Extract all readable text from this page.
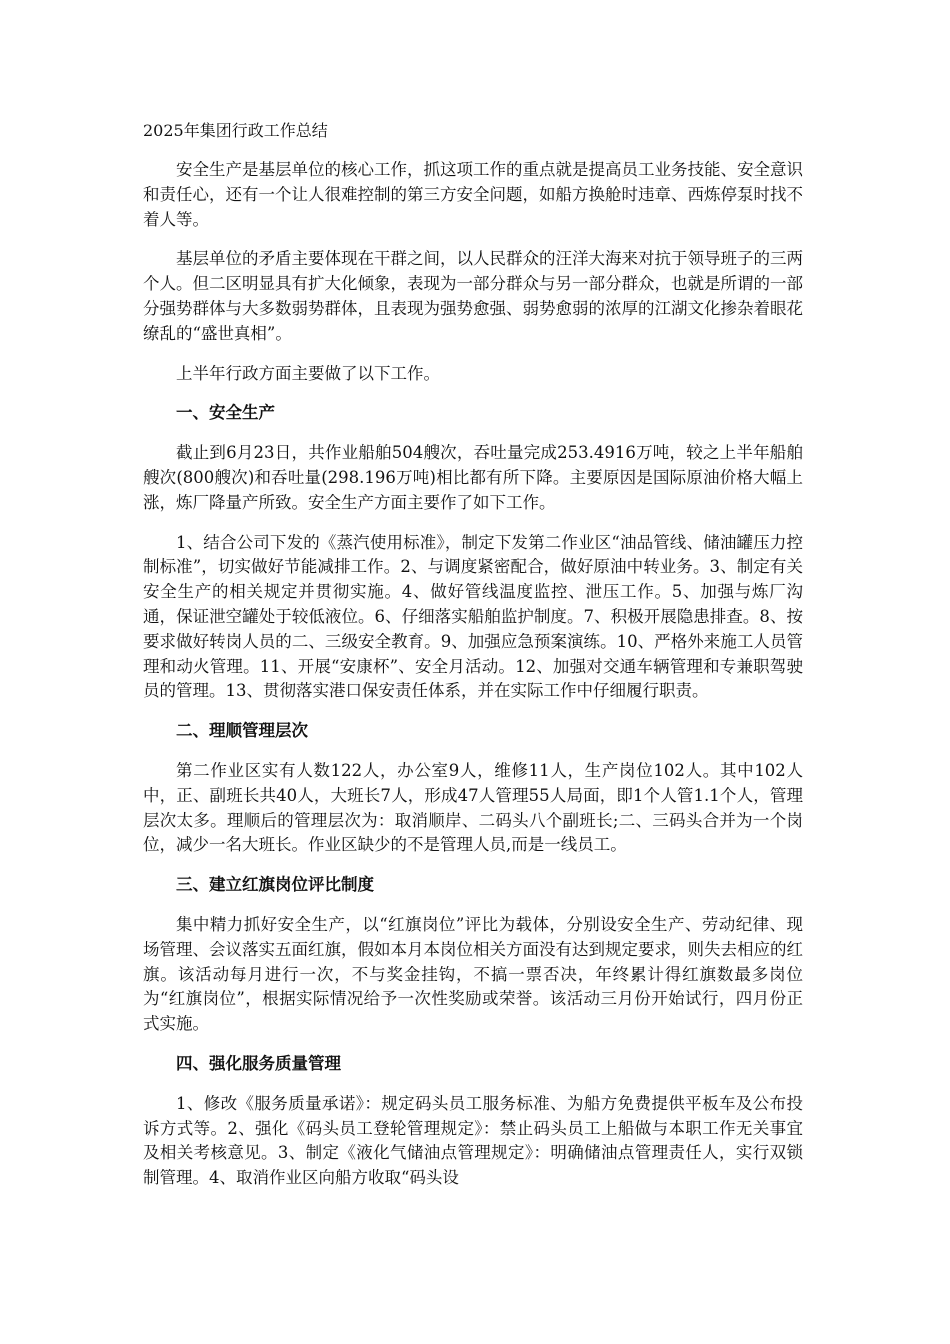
2025年集团行政工作总结

安全生产是基层单位的核心工作，抓这项工作的重点就是提高员工业务技能、安全意识和责任心，还有一个让人很难控制的第三方安全问题，如船方换舱时违章、西炼停泵时找不着人等。

基层单位的矛盾主要体现在干群之间，以人民群众的汪洋大海来对抗于领导班子的三两个人。但二区明显具有扩大化倾象，表现为一部分群众与另一部分群众，也就是所谓的一部分强势群体与大多数弱势群体，且表现为强势愈强、弱势愈弱的浓厚的江湖文化掺杂着眼花缭乱的“盛世真相”。

上半年行政方面主要做了以下工作。

一、安全生产

截止到6月23日，共作业船舶504艘次，吞吐量完成253.4916万吨，较之上半年船舶艘次(800艘次)和吞吐量(298.196万吨)相比都有所下降。主要原因是国际原油价格大幅上涨，炼厂降量产所致。安全生产方面主要作了如下工作。

1、结合公司下发的《蒸汽使用标准》，制定下发第二作业区“油品管线、储油罐压力控制标准”，切实做好节能减排工作。2、与调度紧密配合，做好原油中转业务。3、制定有关安全生产的相关规定并贯彻实施。4、做好管线温度监控、泄压工作。5、加强与炼厂沟通，保证泄空罐处于较低液位。6、仔细落实船舶监护制度。7、积极开展隐患排查。8、按要求做好转岗人员的二、三级安全教育。9、加强应急预案演练。10、严格外来施工人员管理和动火管理。11、开展“安康杯”、安全月活动。12、加强对交通车辆管理和专兼职驾驶员的管理。13、贯彻落实港口保安责任体系，并在实际工作中仔细履行职责。

二、理顺管理层次

第二作业区实有人数122人，办公室9人，维修11人，生产岗位102人。其中102人中，正、副班长共40人，大班长7人，形成47人管理55人局面，即1个人管1.1个人，管理层次太多。理顺后的管理层次为：取消顺岸、二码头八个副班长;二、三码头合并为一个岗位，减少一名大班长。作业区缺少的不是管理人员,而是一线员工。

三、建立红旗岗位评比制度

集中精力抓好安全生产，以“红旗岗位”评比为载体，分别设安全生产、劳动纪律、现场管理、会议落实五面红旗，假如本月本岗位相关方面没有达到规定要求，则失去相应的红旗。该活动每月进行一次，不与奖金挂钩，不搞一票否决，年终累计得红旗数最多岗位为“红旗岗位”，根据实际情况给予一次性奖励或荣誉。该活动三月份开始试行，四月份正式实施。

四、强化服务质量管理

1、修改《服务质量承诺》：规定码头员工服务标准、为船方免费提供平板车及公布投诉方式等。2、强化《码头员工登轮管理规定》：禁止码头员工上船做与本职工作无关事宜及相关考核意见。3、制定《液化气储油点管理规定》：明确储油点管理责任人，实行双锁制管理。4、取消作业区向船方收取“码头设
